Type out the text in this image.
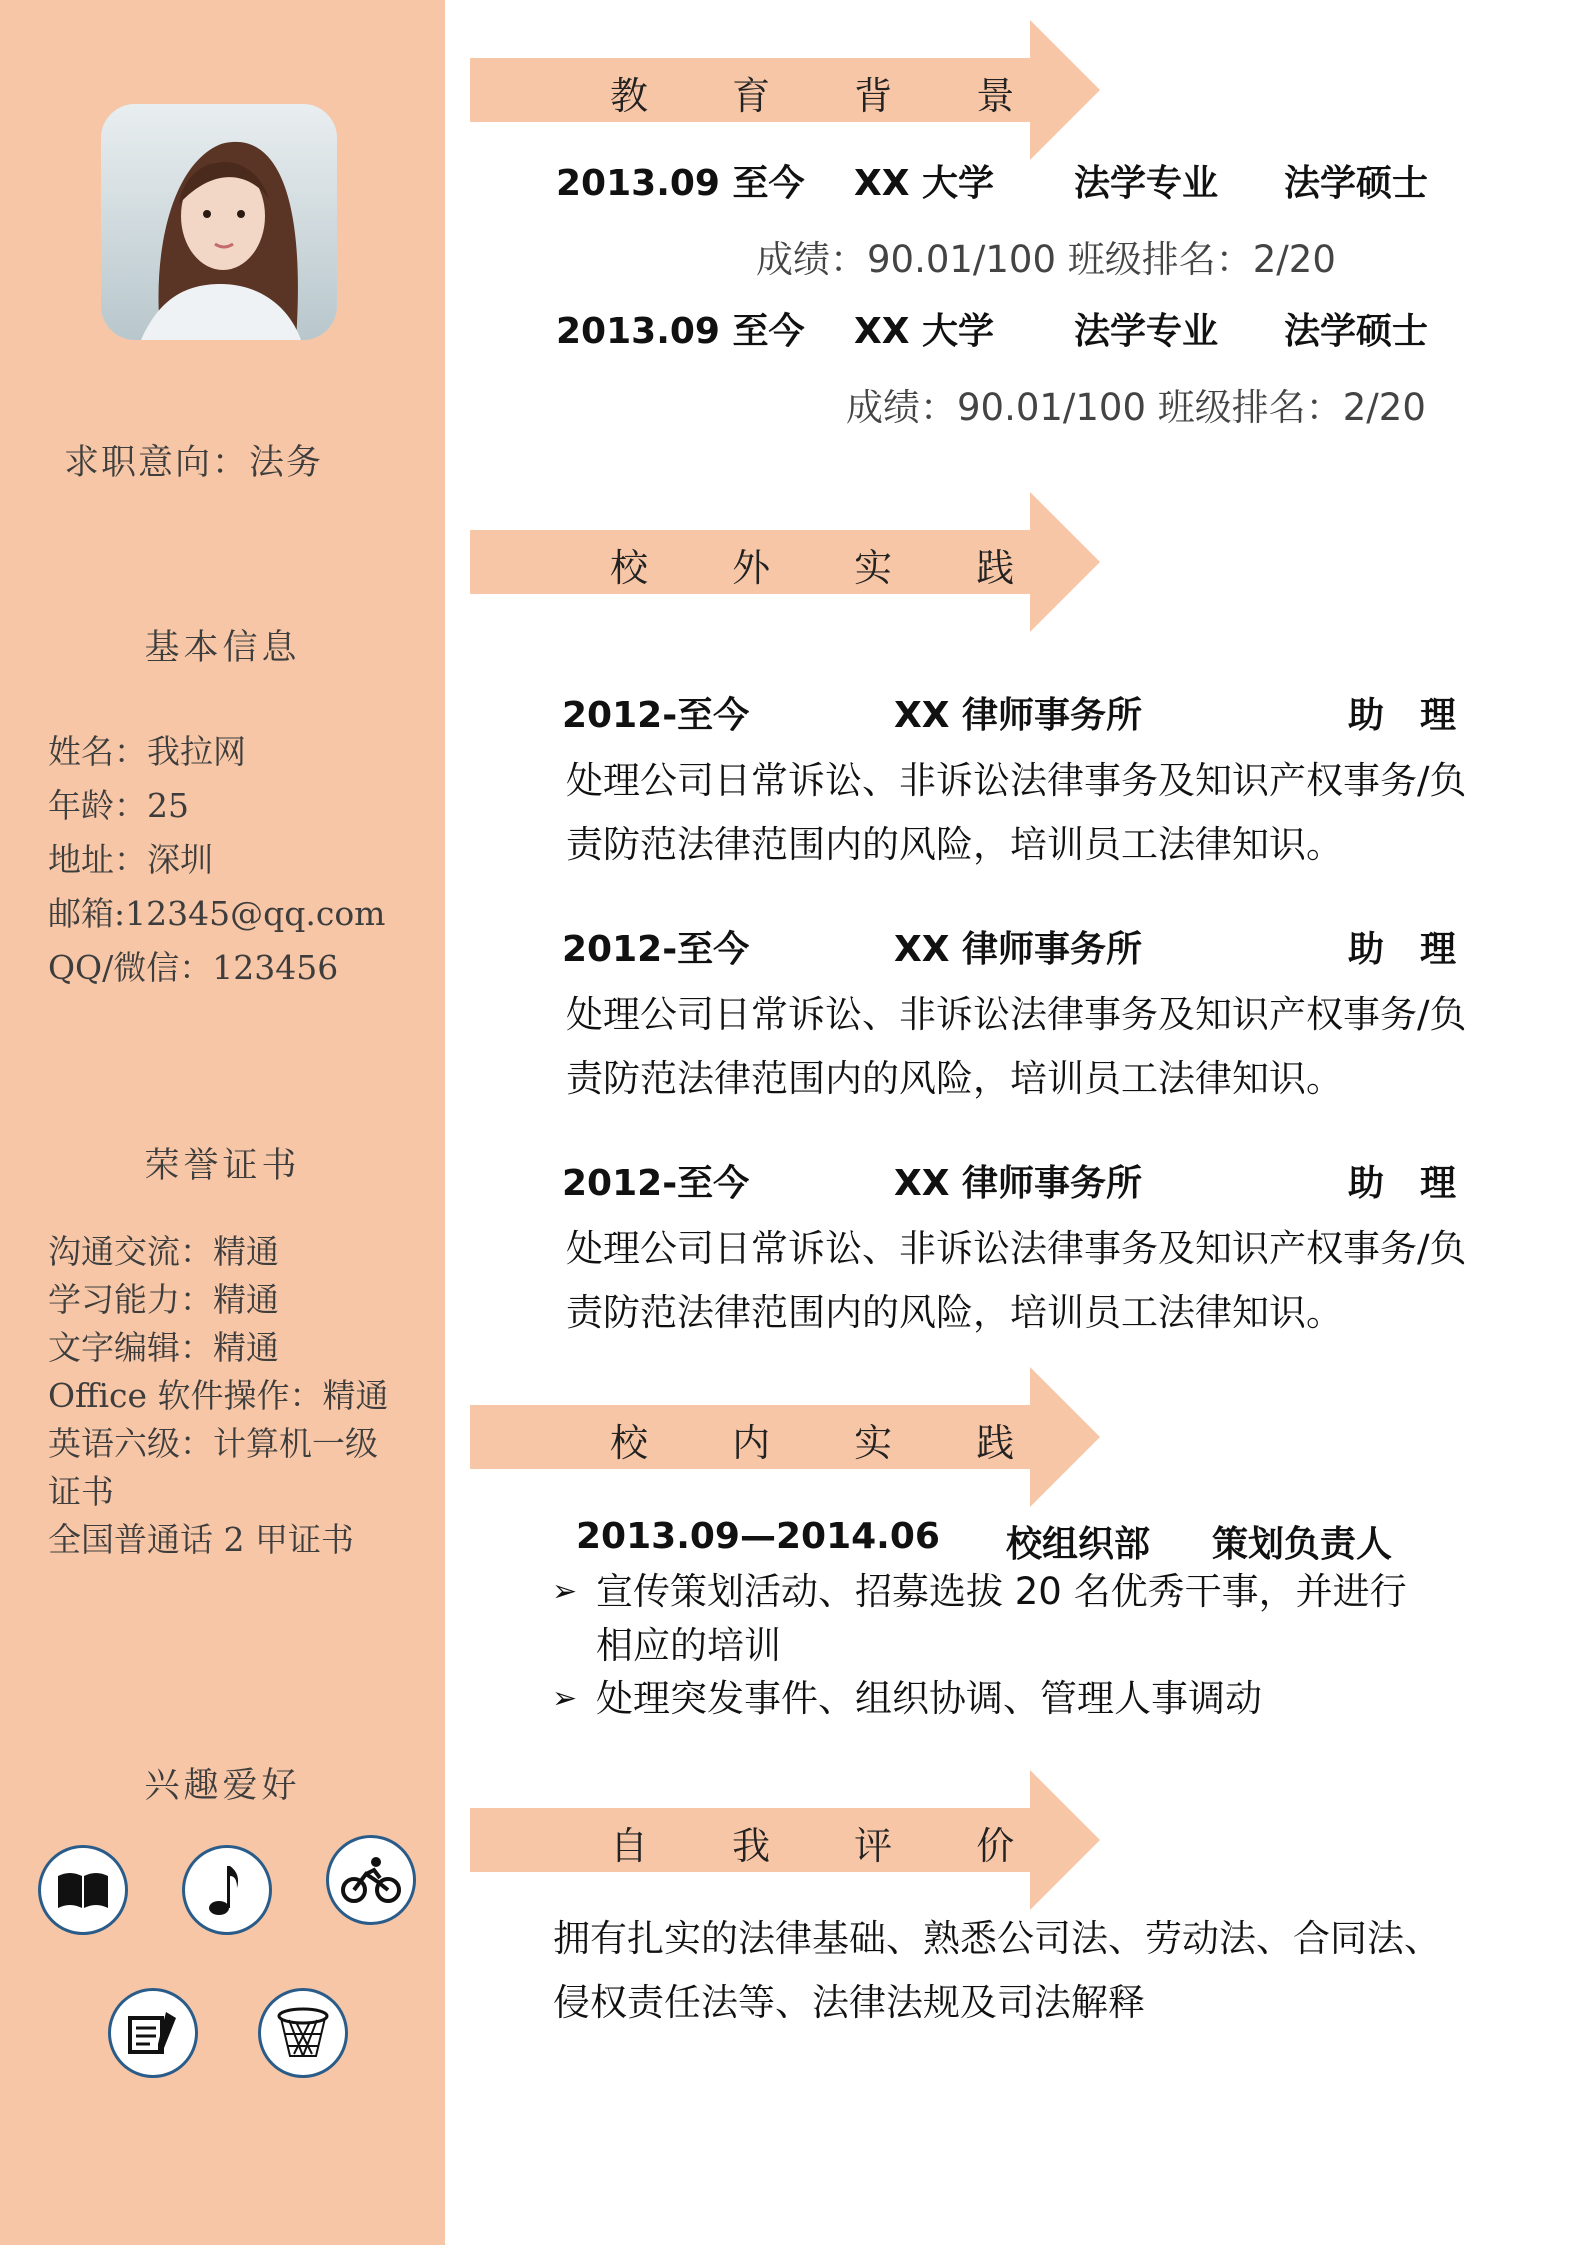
求职意向：法务
基本信息
姓名：我拉网
年龄：25
地址：深圳
邮箱:12345@qq.com
QQ/微信：123456
荣誉证书
沟通交流：精通
学习能力：精通
文字编辑：精通
Office 软件操作：精通
英语六级：计算机一级证书
全国普通话 2 甲证书
兴趣爱好
教 育 背 景
2013.09 至今 XX 大学 法学专业 法学硕士
成绩：90.01/100 班级排名：2/20
2013.09 至今 XX 大学 法学专业 法学硕士
成绩：90.01/100 班级排名：2/20
校 外 实 践
2012-至今	XX 律师事务所	助　理
处理公司日常诉讼、非诉讼法律事务及知识产权事务/负
责防范法律范围内的风险，培训员工法律知识。
2012-至今	XX 律师事务所	助　理
处理公司日常诉讼、非诉讼法律事务及知识产权事务/负
责防范法律范围内的风险，培训员工法律知识。
2012-至今	XX 律师事务所	助　理
处理公司日常诉讼、非诉讼法律事务及知识产权事务/负
责防范法律范围内的风险，培训员工法律知识。
校 内 实 践
2013.09—2014.06 校组织部 策划负责人
➢ 宣传策划活动、招募选拔 20 名优秀干事，并进行相应的培训
➢ 处理突发事件、组织协调、管理人事调动
自 我 评 价
拥有扎实的法律基础、熟悉公司法、劳动法、合同法、
侵权责任法等、法律法规及司法解释
